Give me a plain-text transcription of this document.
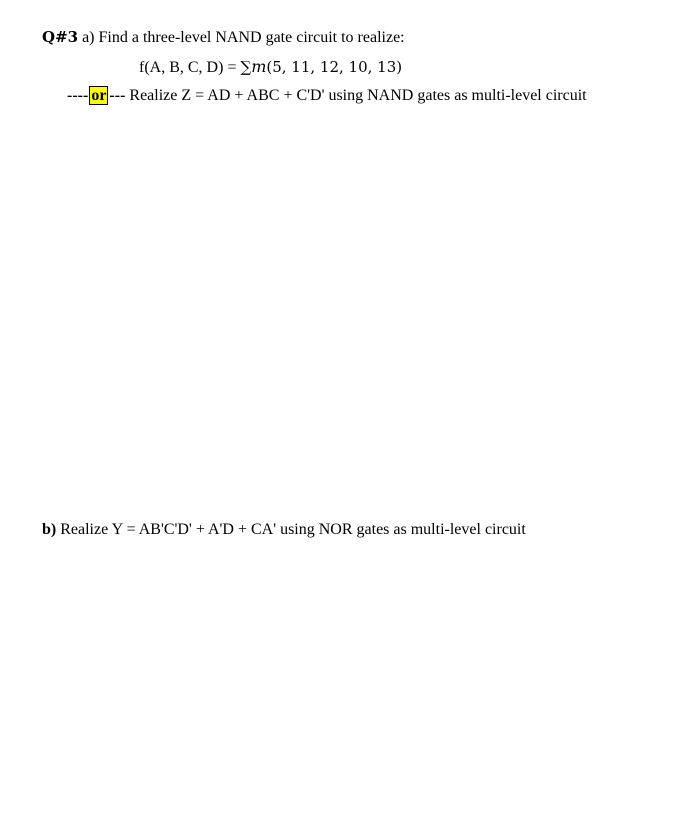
Q#3 a) Find a three-level NAND gate circuit to realize:
f(A, B, C, D) = ∑m(5, 11, 12, 10, 13)
---- or --- Realize Z = AD + ABC + C'D' using NAND gates as multi-level circuit
b) Realize Y = AB'C'D' + A'D + CA' using NOR gates as multi-level circuit
